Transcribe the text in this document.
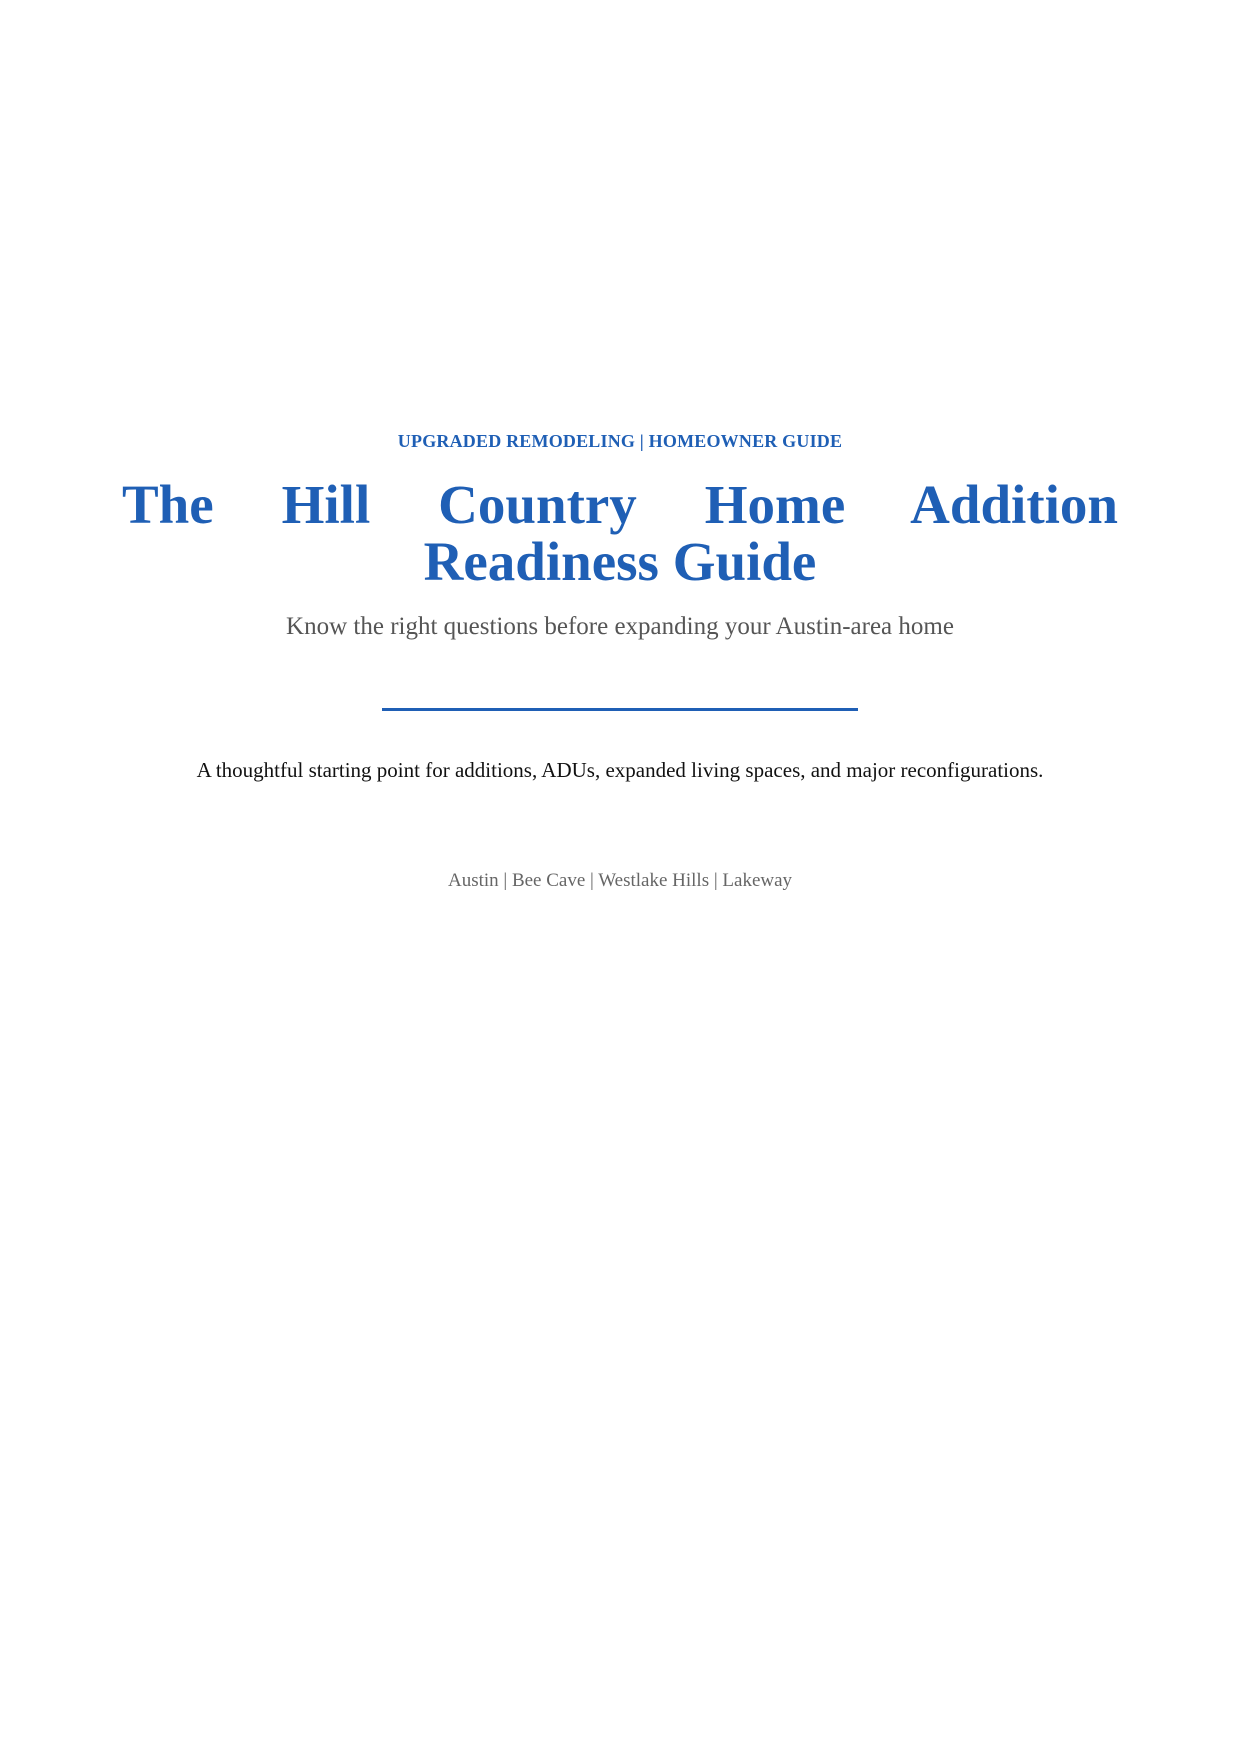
UPGRADED REMODELING | HOMEOWNER GUIDE

The Hill Country Home Addition
Readiness Guide

Know the right questions before expanding your Austin-area home

A thoughtful starting point for additions, ADUs, expanded living spaces, and major reconfigurations.

Austin | Bee Cave | Westlake Hills | Lakeway
